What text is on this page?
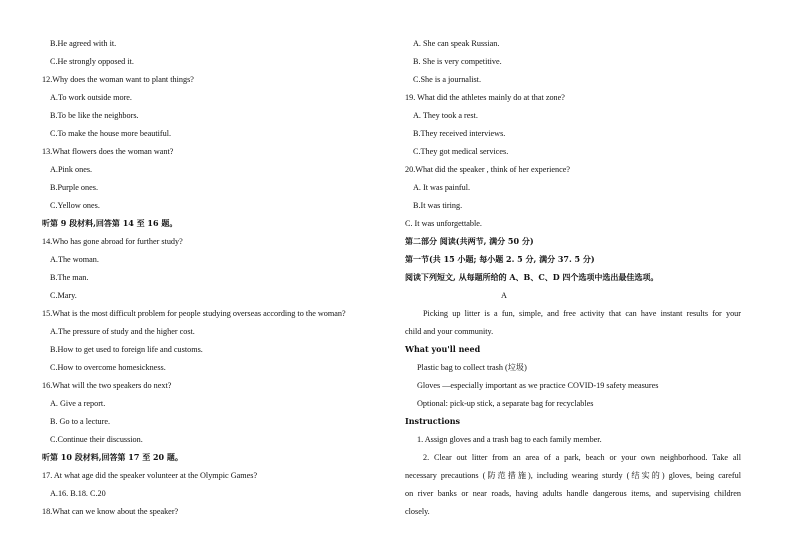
B.He agreed with it.
C.He strongly opposed it.
12.Why does the woman want to plant things?
A.To work outside more.
B.To be like the neighbors.
C.To make the house more beautiful.
13.What flowers does the woman want?
A.Pink ones.
B.Purple ones.
C.Yellow ones.
听第 9 段材料,回答第 14 至 16 题。
14.Who has gone abroad for further study?
A.The woman.
B.The man.
C.Mary.
15.What is the most difficult problem for people studying overseas according to the woman?
A.The pressure of study and the higher cost.
B.How to get used to foreign life and customs.
C.How to overcome homesickness.
16.What will the two speakers do next?
A. Give a report.
B. Go to a lecture.
C.Continue their discussion.
听第 10 段材料,回答第 17 至 20 题。
17. At what age did the speaker volunteer at the Olympic Games?
A.16. B.18. C.20
18.What can we know about the speaker?
A. She can speak Russian.
B. She is very competitive.
C.She is a journalist.
19. What did the athletes mainly do at that zone?
A. They took a rest.
B.They received interviews.
C.They got medical services.
20.What did the speaker , think of her experience?
A. It was painful.
B.It was tiring.
C. It was unforgettable.
第二部分 阅读(共两节, 满分 50 分)
第一节(共 15 小题; 每小题 2. 5 分, 满分 37. 5 分)
阅读下列短文, 从每题所给的 A、B、C、D 四个选项中选出最佳选项。
A
Picking up litter is a fun, simple, and free activity that can have instant results for your
child and your community.
What you'll need
Plastic bag to collect trash (垃圾)
Gloves —especially important as we practice COVID-19 safety measures
Optional: pick-up stick, a separate bag for recyclables
Instructions
1. Assign gloves and a trash bag to each family member.
2. Clear out litter from an area of a park, beach or your own neighborhood. Take all
necessary precautions (防范措施), including wearing sturdy (结实的) gloves, being careful
on river banks or near roads, having adults handle dangerous items, and supervising children
closely.
